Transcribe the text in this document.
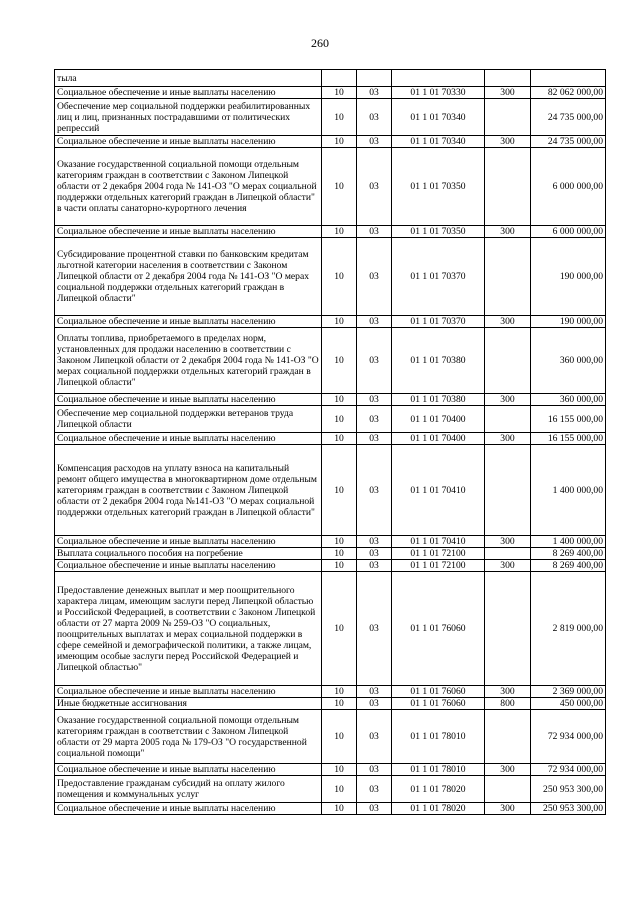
260
тыла					
Социальное обеспечение и иные выплаты населению	10	03	01 1 01 70330	300	82 062 000,00
Обеспечение мер социальной поддержки реабилитированных лиц и лиц, признанных пострадавшими от политических репрессий	10	03	01 1 01 70340		24 735 000,00
Социальное обеспечение и иные выплаты населению	10	03	01 1 01 70340	300	24 735 000,00
Оказание государственной социальной помощи отдельным категориям граждан в соответствии с Законом Липецкой области от 2 декабря 2004 года № 141-ОЗ "О мерах социальной поддержки отдельных категорий граждан в Липецкой области" в части оплаты санаторно-курортного лечения	10	03	01 1 01 70350		6 000 000,00
Социальное обеспечение и иные выплаты населению	10	03	01 1 01 70350	300	6 000 000,00
Субсидирование процентной ставки по банковским кредитам льготной категории населения в соответствии с Законом Липецкой области от 2 декабря 2004 года № 141-ОЗ "О мерах социальной поддержки отдельных категорий граждан в Липецкой области"	10	03	01 1 01 70370		190 000,00
Социальное обеспечение и иные выплаты населению	10	03	01 1 01 70370	300	190 000,00
Оплаты топлива, приобретаемого в пределах норм, установленных для продажи населению в соответствии с Законом Липецкой области от 2 декабря 2004 года № 141-ОЗ "О мерах социальной поддержки отдельных категорий граждан в Липецкой области"	10	03	01 1 01 70380		360 000,00
Социальное обеспечение и иные выплаты населению	10	03	01 1 01 70380	300	360 000,00
Обеспечение мер социальной поддержки ветеранов труда Липецкой области	10	03	01 1 01 70400		16 155 000,00
Социальное обеспечение и иные выплаты населению	10	03	01 1 01 70400	300	16 155 000,00
Компенсация расходов на уплату взноса на капитальный ремонт общего имущества в многоквартирном доме отдельным категориям граждан в соответствии с Законом Липецкой области от 2 декабря 2004 года №141-ОЗ "О мерах социальной поддержки отдельных категорий граждан в Липецкой области"	10	03	01 1 01 70410		1 400 000,00
Социальное обеспечение и иные выплаты населению	10	03	01 1 01 70410	300	1 400 000,00
Выплата социального пособия на погребение	10	03	01 1 01 72100		8 269 400,00
Социальное обеспечение и иные выплаты населению	10	03	01 1 01 72100	300	8 269 400,00
Предоставление денежных выплат и мер поощрительного характера лицам, имеющим заслуги перед Липецкой областью и Российской Федерацией, в соответствии с Законом Липецкой области от 27 марта 2009 № 259-ОЗ "О социальных, поощрительных выплатах и мерах социальной поддержки в сфере семейной и демографической политики, а также лицам, имеющим особые заслуги перед Российской Федерацией и Липецкой областью"	10	03	01 1 01 76060		2 819 000,00
Социальное обеспечение и иные выплаты населению	10	03	01 1 01 76060	300	2 369 000,00
Иные бюджетные ассигнования	10	03	01 1 01 76060	800	450 000,00
Оказание государственной социальной помощи отдельным категориям граждан в соответствии с Законом Липецкой области от 29 марта 2005 года № 179-ОЗ "О государственной социальной помощи"	10	03	01 1 01 78010		72 934 000,00
Социальное обеспечение и иные выплаты населению	10	03	01 1 01 78010	300	72 934 000,00
Предоставление гражданам субсидий на оплату жилого помещения и коммунальных услуг	10	03	01 1 01 78020		250 953 300,00
Социальное обеспечение и иные выплаты населению	10	03	01 1 01 78020	300	250 953 300,00
